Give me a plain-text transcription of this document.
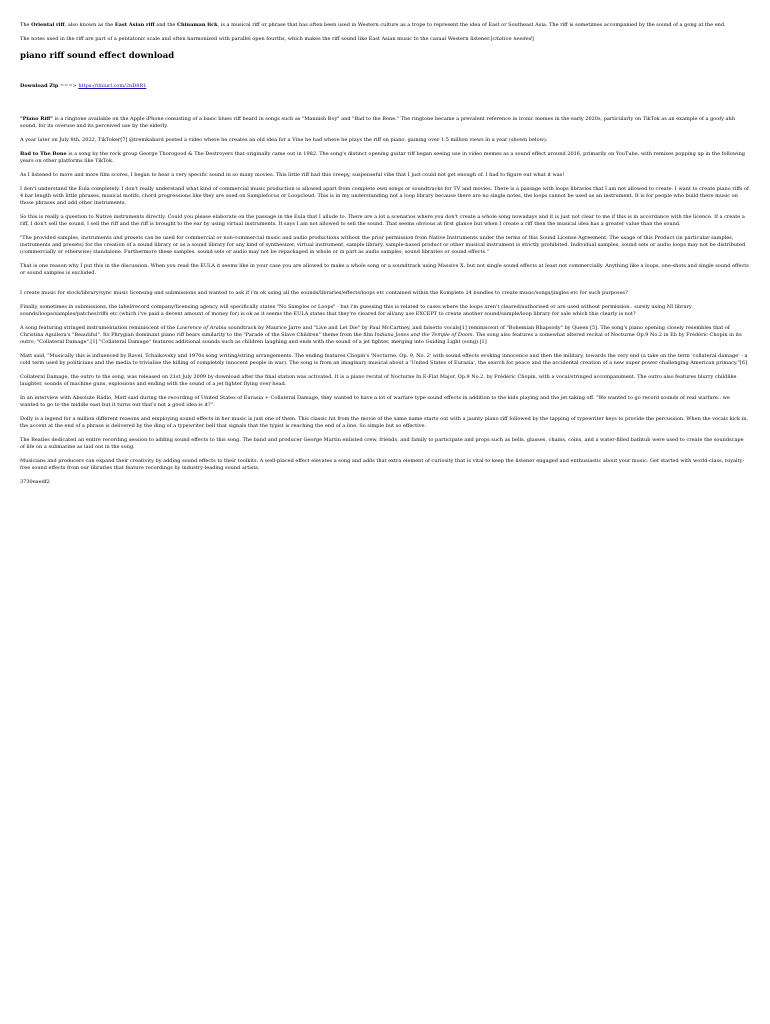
The Oriental riff, also known as the East Asian riff and the Chinaman lick, is a musical riff or phrase that has often been used in Western culture as a trope to represent the idea of East or Southeast Asia. The riff is sometimes accompanied by the sound of a gong at the end.

The notes used in the riff are part of a pentatonic scale and often harmonized with parallel open fourths, which makes the riff sound like East Asian music to the casual Western listener.[citation needed]

piano riff sound effect download
Download Zip ===> https://tlniurl.com/2nD8R1

"Piano Riff" is a ringtone available on the Apple iPhone consisting of a basic blues riff heard in songs such as "Mannish Boy" and "Bad to the Bone." The ringtone became a prevalent reference in ironic memes in the early 2020s, particularly on TikTok as an example of a goofy ahh sound, for its overuse and its perceived use by the elderly.

A year later on July 8th, 2022, TikToker[7] @tremkabard posted a video where he creates an old idea for a Vine he had where he plays the riff on piano, gaining over 1.5 million views in a year (shown below).

Bad to The Bone is a song by the rock group George Thorogood & The Destroyers that originally came out in 1982. The song's distinct opening guitar riff began seeing use in video memes as a sound effect around 2016, primarily on YouTube, with remixes popping up in the following years on other platforms like TikTok.

As I listened to more and more film scores, I began to hear a very specific sound in so many movies. This little riff had this creepy, suspenseful vibe that I just could not get enough of. I had to figure out what it was!

I don't understand the Eula completely. I don't really understand what kind of commercial music production is allowed apart from complete own songs or soundtracks for TV and movies. There is a passage with loops libraries that I am not allowed to create. I want to create piano riffs of 4 bar length with little phrases, musical motifs, chord progressions like they are used on Samplefocus or Loopcloud. This is in my understanding not a loop library because there are no single notes, the loops cannot be used as an instrument. It is for people who build there music on those phrases and add other instruments.

So this is really a question to Native instruments directly. Could you please elaborate on the passage in the Eula that I allude to. There are a lot a scenarios where you don't create a whole song nowadays and it is just not clear to me if this is in accordance with the licence. If a create a riff, I don't sell the sound, I sell the riff and the riff is brought to the ear by using virtual instruments. It says I am not allowed to sell the sound. That seems obvious at first glance but when I create a riff then the musical idea has a greater value than the sound.

"The provided samples, instruments and presets can be used for commercial or non-commercial music and audio productions without the prior permission from Native Instruments under the terms of this Sound License Agreement. The usage of this Product (in particular samples, instruments and presets) for the creation of a sound library or as a sound library for any kind of synthesizer, virtual instrument, sample library, sample-based product or other musical instrument is strictly prohibited. Individual samples, sound sets or audio loops may not be distributed (commercially or otherwise) standalone. Furthermore these samples, sound sets or audio may not be repackaged in whole or in part as audio samples, sound libraries or sound effects."

That is one reason why I put this in the discussion. When you read the EULA it seems like in your case you are allowed to make a whole song or a soundtrack using Massive X, but not single sound effects at least not commercially. Anything like a loops, one-shots and single sound effects or sound samples is excluded.

I create music for stock/library/sync music licensing and submissions and wanted to ask if i'm ok using all the sounds/libraries/effects/loops etc contained within the Komplete 14 bundles to create music/songs/jingles etc for such purposes?

Finally, sometimes in submissions, the label/record company/licensing agency will specifically states "No Samples or Loops" - but i'm guessing this is related to cases where the loops aren't cleared/authorised or are used without permission.. surely using NI library sounds/loops/samples/patches/riffs etc (which i've paid a decent amount of money for) is ok as it seems the EULA states that they're cleared for all/any use EXCEPT to create another sound/sample/loop library for sale which this clearly is not?

A song featuring stringed instrumentation reminiscent of the Lawrence of Arabia soundtrack by Maurice Jarre and "Live and Let Die" by Paul McCartney, and falsetto vocals[1] reminiscent of "Bohemian Rhapsody" by Queen [5]. The song's piano opening closely resembles that of Christina Aguilera's "Beautiful". Its Phrygian dominant piano riff bears similarity to the "Parade of the Slave Children" theme from the film Indiana Jones and the Temple of Doom. The song also features a somewhat altered recital of Nocturne Op.9 No.2 in Eb by Frédéric Chopin in its outro, "Collateral Damage".[1] "Collateral Damage" features additional sounds such as children laughing and ends with the sound of a jet fighter, merging into Guiding Light (song).[1]

Matt said, "Musically this is influenced by Ravel, Tchaikovsky and 1970s song writing/string arrangements. The ending features Chopin's 'Nocturne, Op. 9, No. 2' with sound effects evoking innocence and then the military, towards the very end (a take on the term 'collateral damage' - a cold term used by politicians and the media to trivialise the killing of completely innocent people in war). The song is from an imaginary musical about a 'United States of Eurasia', the search for peace and the accidental creation of a new super power challenging American primacy."[6]

Collateral Damage, the outro to the song, was released on 21st July 2009 by download after the final station was activated. It is a piano recital of Nocturne In E-Flat Major, Op.9 No.2, by Frédéric Chopin, with a vocal/stringed accompaniment. The outro also features blurry childlike laughter, sounds of machine guns, explosions and ending with the sound of a jet fighter flying over head.

In an interview with Absolute Radio, Matt said during the recording of United States of Eurasia + Collateral Damage, they wanted to have a lot of warfare type sound effects in addition to the kids playing and the jet taking off. "We wanted to go record sounds of real warfare.. we wanted to go to the middle east but it turns out that's not a good idea is it?".

Dolly is a legend for a million different reasons and employing sound effects in her music is just one of them. This classic hit from the movie of the same name starts out with a jaunty piano riff followed by the tapping of typewriter keys to provide the percussion. When the vocals kick in, the accent at the end of a phrase is delivered by the ding of a typewriter bell that signals that the typist is reaching the end of a line. So simple but so effective.

The Beatles dedicated an entire recording session to adding sound effects to this song. The band and producer George Martin enlisted crew, friends, and family to participate and props such as bells, glasses, chains, coins, and a water-filled bathtub were used to create the soundscape of life on a submarine as laid out in the song.

Musicians and producers can expand their creativity by adding sound effects to their toolkits. A well-placed effect elevates a song and adds that extra element of curiosity that is vital to keep the listener engaged and enthusiastic about your music. Get started with world-class, royalty-free sound effects from our libraries that feature recordings by industry-leading sound artists.

3730eaedf2
